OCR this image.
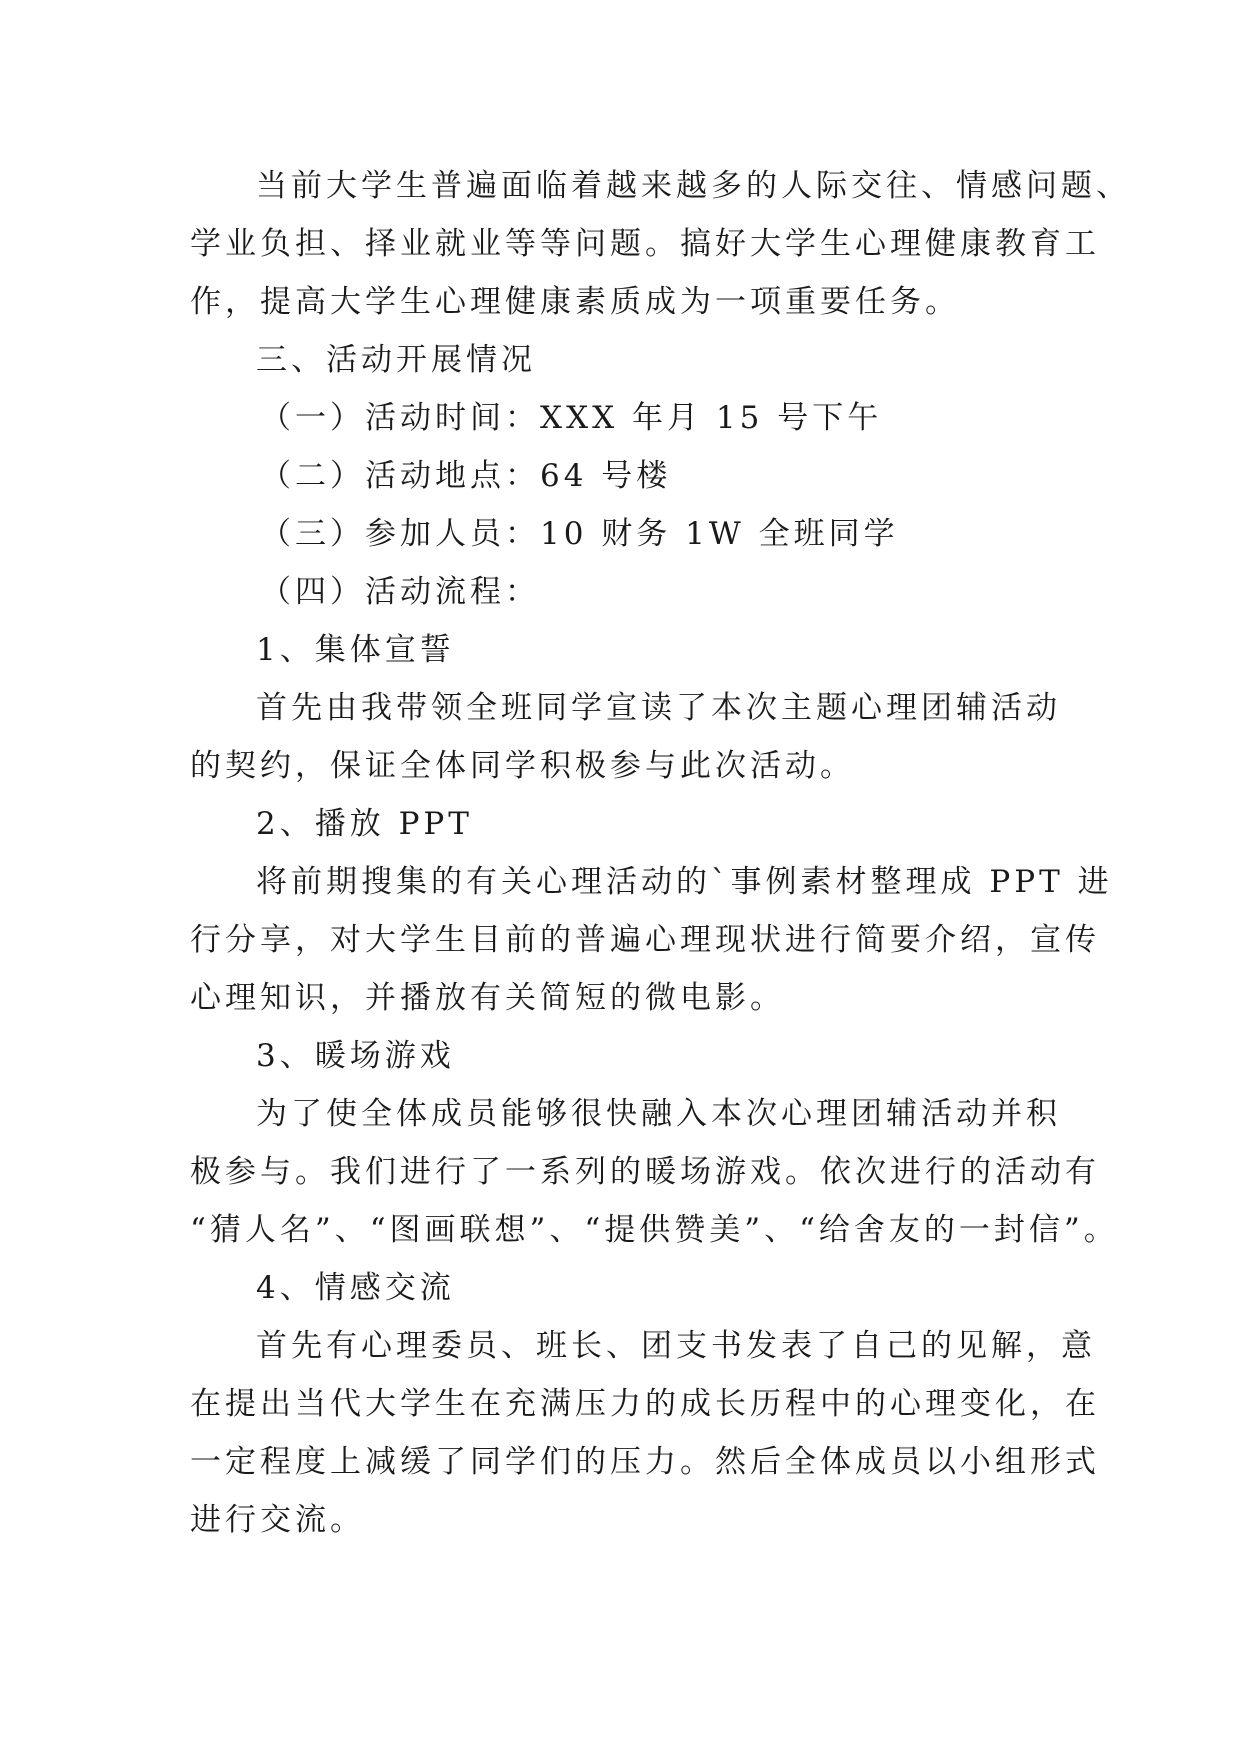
当前大学生普遍面临着越来越多的人际交往、情感问题、
学业负担、择业就业等等问题。搞好大学生心理健康教育工
作，提高大学生心理健康素质成为一项重要任务。
三、活动开展情况
（一）活动时间：XXX 年月 15 号下午
（二）活动地点：64 号楼
（三）参加人员：10 财务 1W 全班同学
（四）活动流程：
1、集体宣誓
首先由我带领全班同学宣读了本次主题心理团辅活动
的契约，保证全体同学积极参与此次活动。
2、播放 PPT
将前期搜集的有关心理活动的`事例素材整理成 PPT 进
行分享，对大学生目前的普遍心理现状进行简要介绍，宣传
心理知识，并播放有关简短的微电影。
3、暖场游戏
为了使全体成员能够很快融入本次心理团辅活动并积
极参与。我们进行了一系列的暖场游戏。依次进行的活动有
“猜人名”、“图画联想”、“提供赞美”、“给舍友的一封信”。
4、情感交流
首先有心理委员、班长、团支书发表了自己的见解，意
在提出当代大学生在充满压力的成长历程中的心理变化，在
一定程度上减缓了同学们的压力。然后全体成员以小组形式
进行交流。
